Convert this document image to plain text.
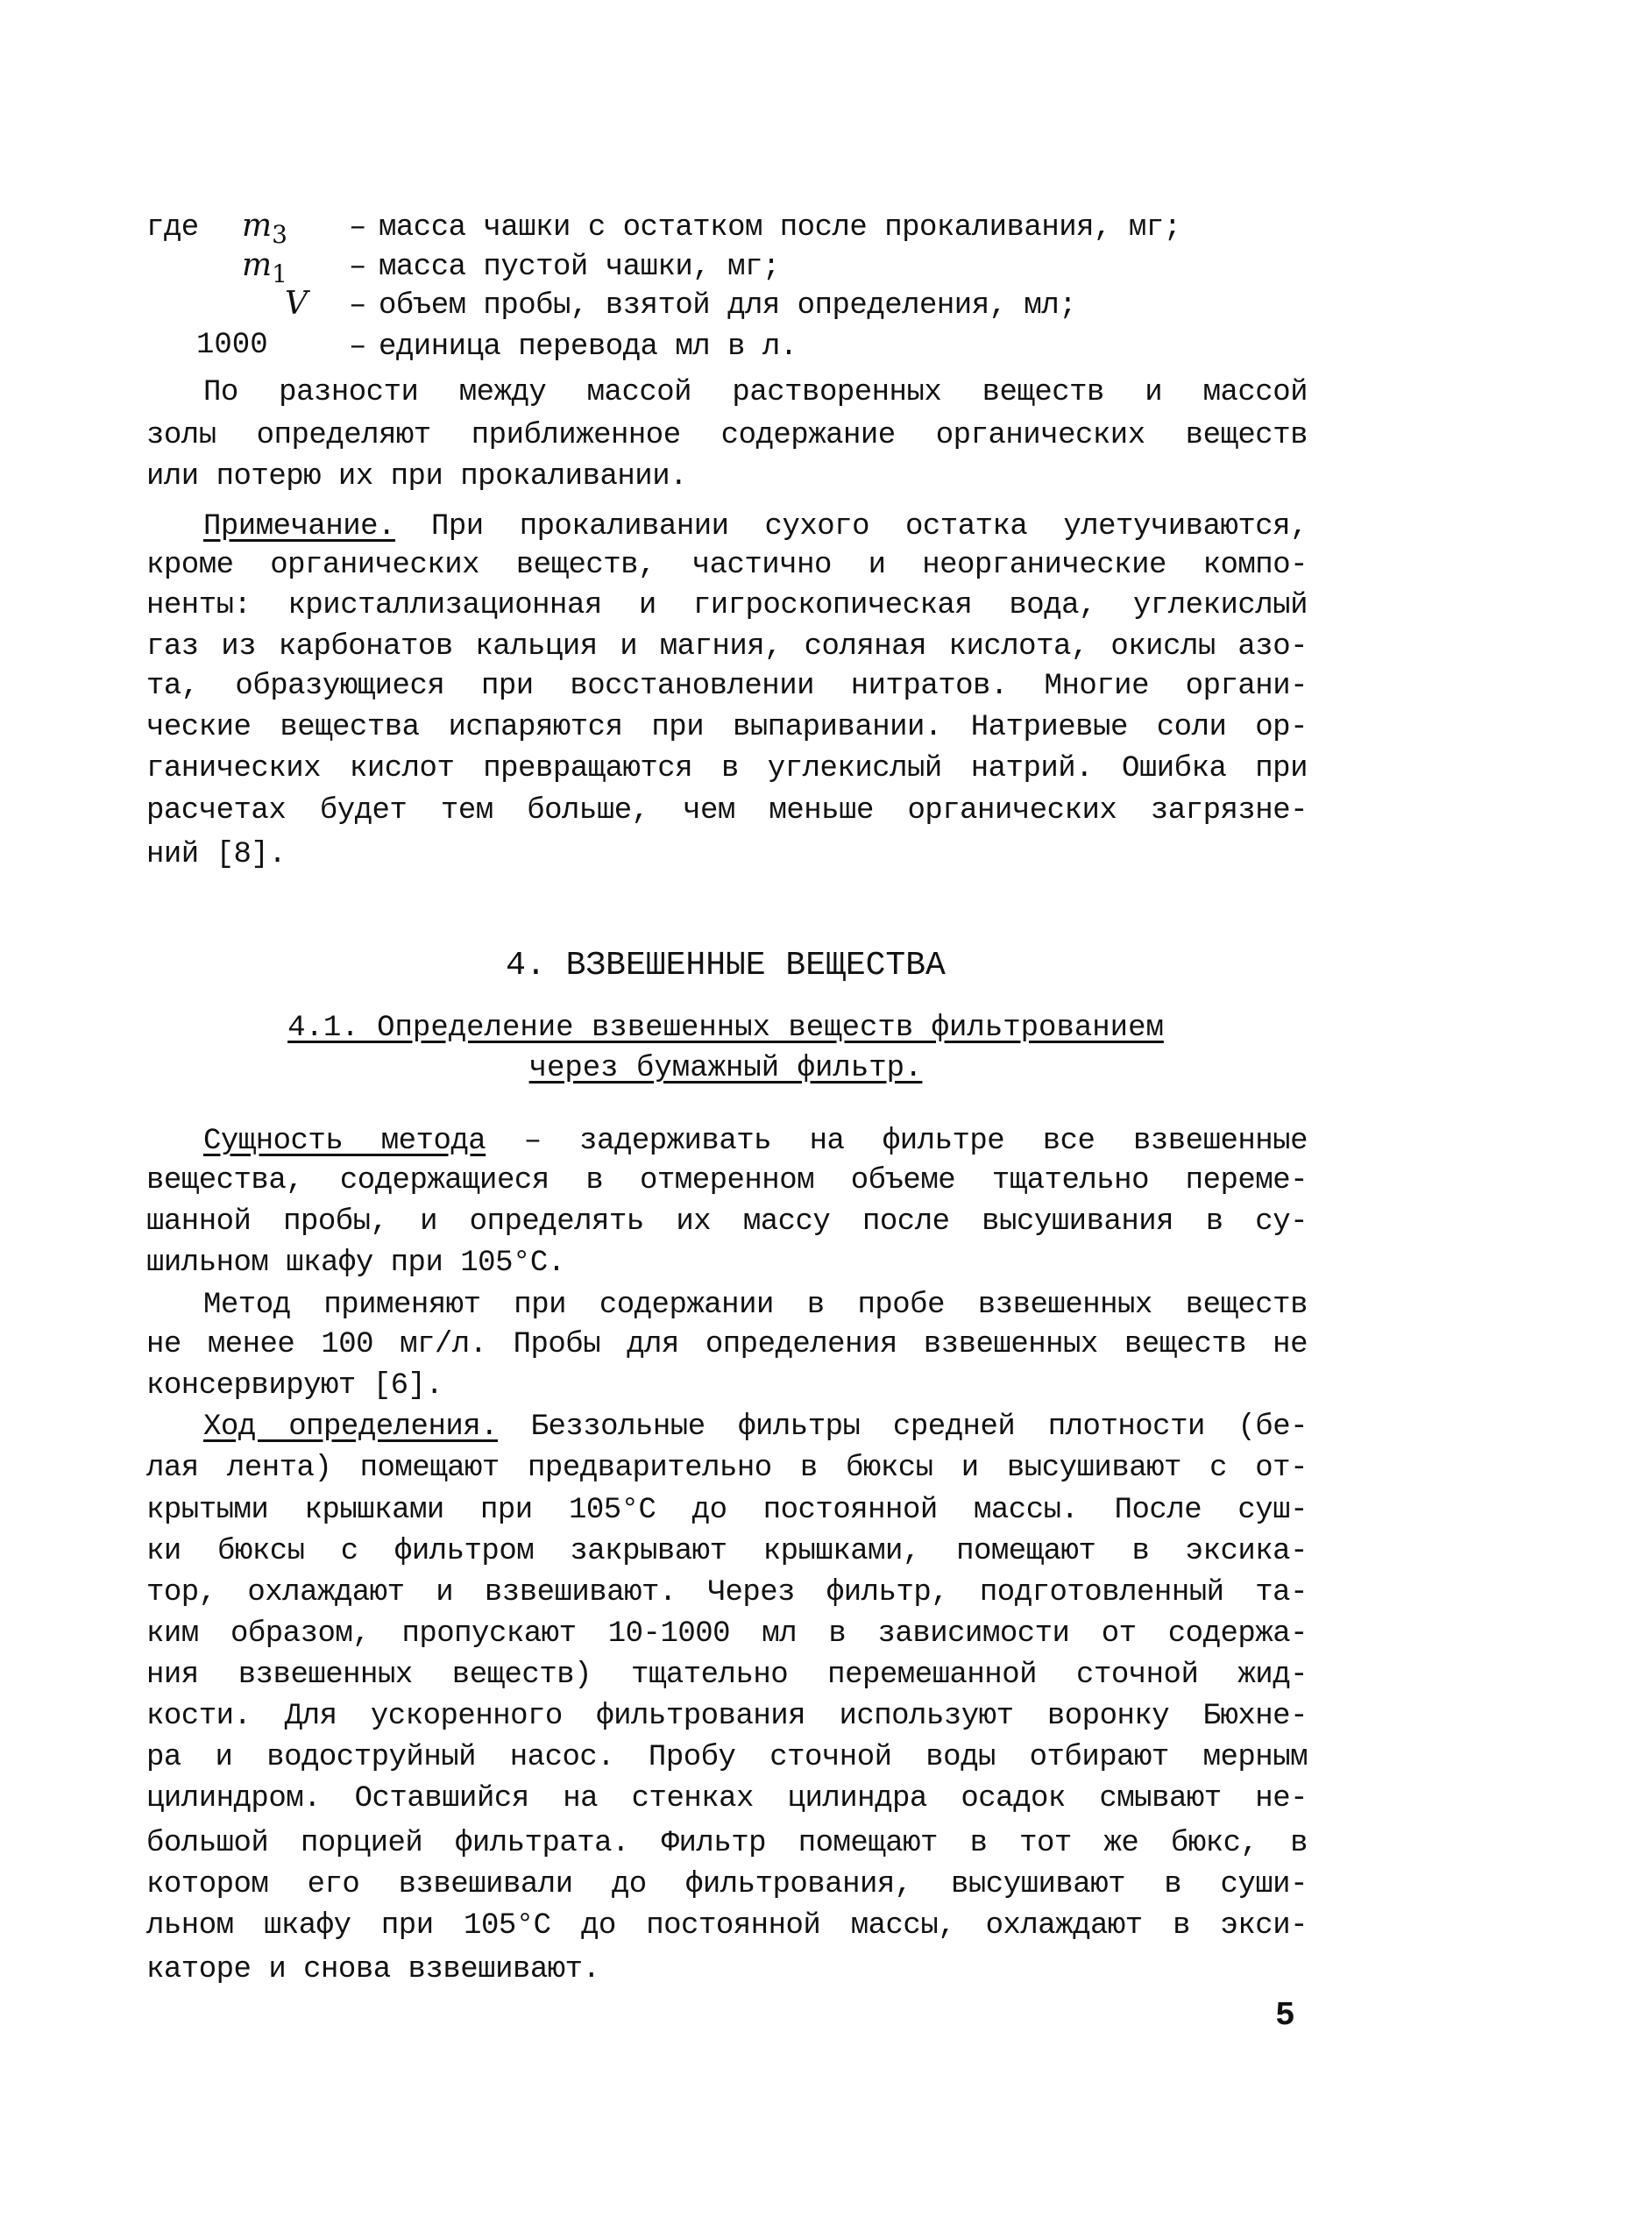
где $m_3$ – масса чашки с остатком после прокаливания, мг;
$m_1$ – масса пустой чашки, мг;
V – объем пробы, взятой для определения, мл;
1000	– единица перевода мл в л.
По разности между массой растворенных веществ и массой
золы определяют приближенное содержание органических веществ
или потерю их при прокаливании.
Примечание. При прокаливании сухого остатка улетучиваются,
кроме органических веществ, частично и неорганические компо-
ненты: кристаллизационная и гигроскопическая вода, углекислый
газ из карбонатов кальция и магния, соляная кислота, окислы азо-
та, образующиеся при восстановлении нитратов. Многие органи-
ческие вещества испаряются при выпаривании. Натриевые соли ор-
ганических кислот превращаются в углекислый натрий. Ошибка при
расчетах будет тем больше, чем меньше органических загрязне-
ний [8].
4. ВЗВЕШЕННЫЕ ВЕЩЕСТВА
4.1. Определение взвешенных веществ фильтрованием
через бумажный фильтр.
Сущность метода – задерживать на фильтре все взвешенные
вещества, содержащиеся в отмеренном объеме тщательно переме-
шанной пробы, и определять их массу после высушивания в су-
шильном шкафу при 105°С.
Метод применяют при содержании в пробе взвешенных веществ
не менее 100 мг/л. Пробы для определения взвешенных веществ не
консервируют [6].
Ход определения. Беззольные фильтры средней плотности (бе-
лая лента) помещают предварительно в бюксы и высушивают с от-
крытыми крышками при 105°С до постоянной массы. После суш-
ки бюксы с фильтром закрывают крышками, помещают в эксика-
тор, охлаждают и взвешивают. Через фильтр, подготовленный та-
ким образом, пропускают 10-1000 мл в зависимости от содержа-
ния взвешенных веществ) тщательно перемешанной сточной жид-
кости. Для ускоренного фильтрования используют воронку Бюхне-
ра и водоструйный насос. Пробу сточной воды отбирают мерным
цилиндром. Оставшийся на стенках цилиндра осадок смывают не-
большой порцией фильтрата. Фильтр помещают в тот же бюкс, в
котором его взвешивали до фильтрования, высушивают в суши-
льном шкафу при 105°С до постоянной массы, охлаждают в экси-
каторе и снова взвешивают.
5
